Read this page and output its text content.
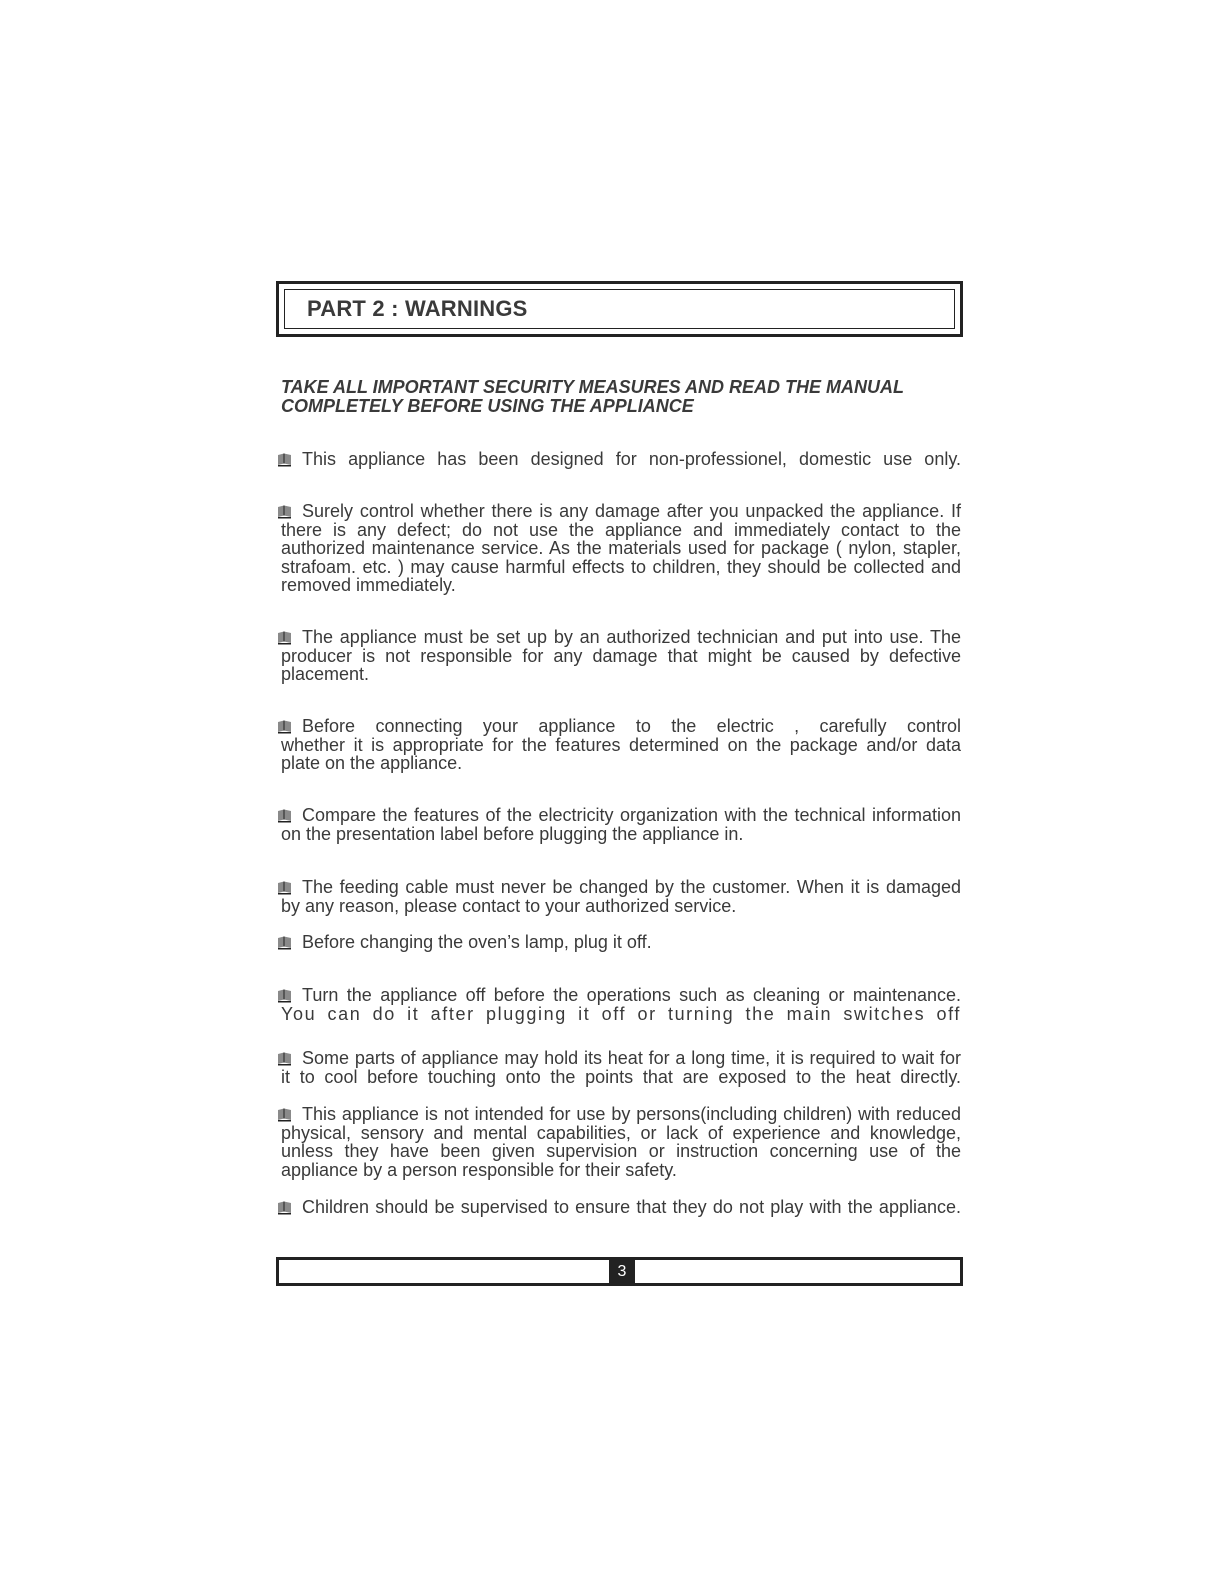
PART 2 : WARNINGS
TAKE ALL IMPORTANT SECURITY MEASURES AND READ THE MANUAL
COMPLETELY BEFORE USING THE APPLIANCE
This appliance has been designed for non-professionel, domestic use only.
Surely control whether there is any damage after you unpacked the appliance. If there is any defect; do not use the appliance and immediately contact to the authorized maintenance service. As the materials used for package ( nylon, stapler, strafoam. etc. ) may cause harmful effects to children, they should be collected and removed immediately.
The appliance must be set up by an authorized technician and put into use. The producer is not responsible for any damage that might be caused by defective placement.
Before connecting your appliance to the electric , carefully control
whether it is appropriate for the features determined on the package and/or data plate on the appliance.
Compare the features of the electricity organization with the technical information on the presentation label before plugging the appliance in.
The feeding cable must never be changed by the customer. When it is damaged by any reason, please contact to your authorized service.
Before changing the oven’s lamp, plug it off.
Turn the appliance off before the operations such as cleaning or maintenance.
You can do it after plugging it off or turning the main switches off
Some parts of appliance may hold its heat for a long time, it is required to wait for it to cool before touching onto the points that are exposed to the heat directly.
This appliance is not intended for use by persons(including children) with reduced physical, sensory and mental capabilities, or lack of experience and knowledge, unless they have been given supervision or instruction concerning use of the appliance by a person responsible for their safety.
Children should be supervised to ensure that they do not play with the appliance.
3
